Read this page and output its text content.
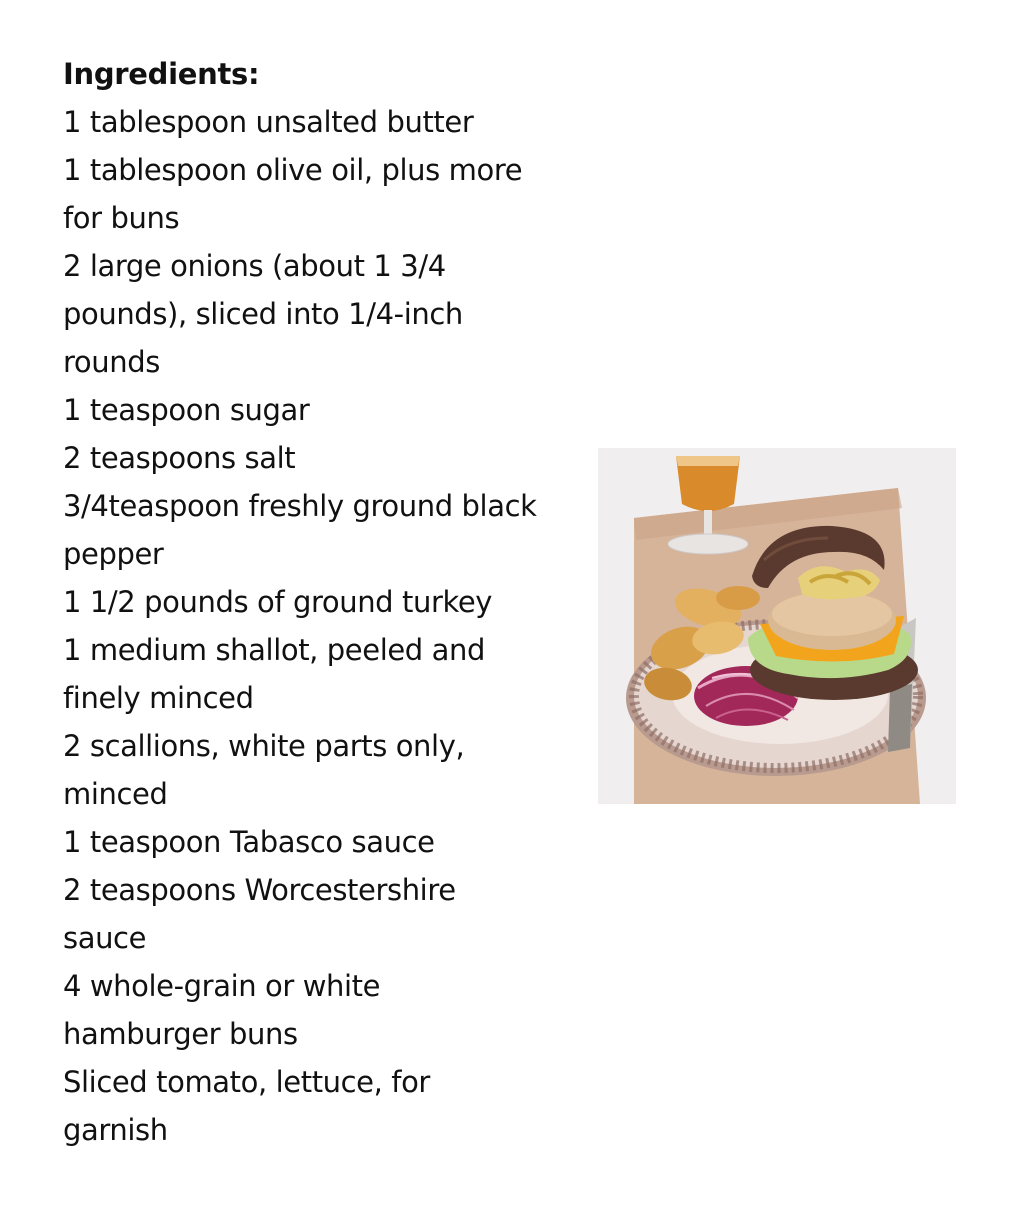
Ingredients:
1 tablespoon unsalted butter
1 tablespoon olive oil, plus more for buns
2 large onions (about 1 3/4 pounds), sliced into 1/4-inch rounds
1 teaspoon sugar
2 teaspoons salt
3/4teaspoon freshly ground black pepper
1 1/2 pounds of ground turkey
1 medium shallot, peeled and finely minced
2 scallions, white parts only, minced
1 teaspoon Tabasco sauce
2 teaspoons Worcestershire sauce
4 whole-grain or white hamburger buns
Sliced tomato, lettuce, for garnish
